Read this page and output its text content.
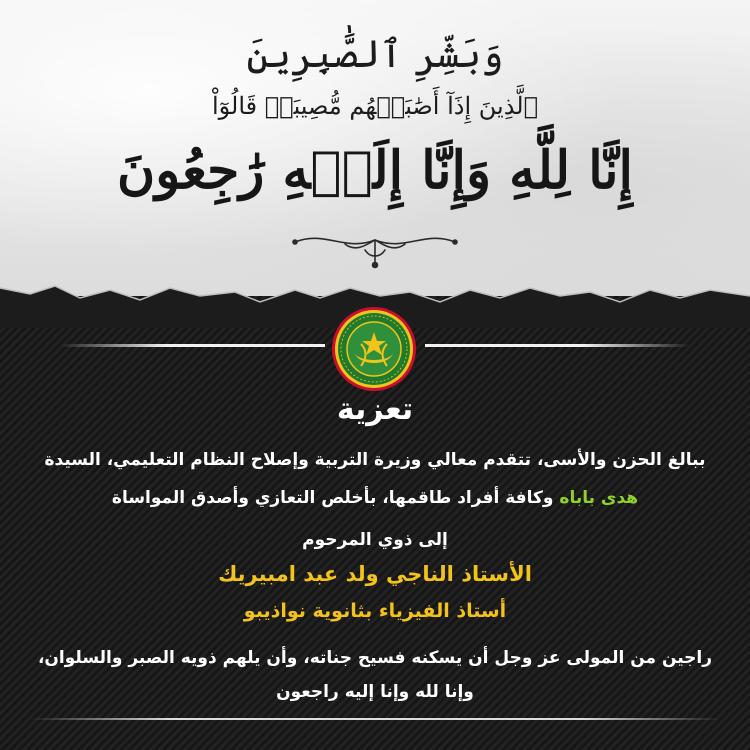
وَبَشِّرِ ٱلصَّٰبِرِينَ
ٱلَّذِينَ إِذَآ أَصَٰبَتۡهُم مُّصِيبَةٞ قَالُوٓاْ
إِنَّا لِلَّهِ وَإِنَّا إِلَيۡهِ رَٰجِعُونَ
تعزية
ببالغ الحزن والأسى، تتقدم معالي وزيرة التربية وإصلاح النظام التعليمي، السيدة
هدى باباه وكافة أفراد طاقمها، بأخلص التعازي وأصدق المواساة
إلى ذوي المرحوم
الأستاذ الناجي ولد عبد امبيريك
أستاذ الفيزياء بثانوية نواذيبو
راجين من المولى عز وجل أن يسكنه فسيح جناته، وأن يلهم ذويه الصبر والسلوان،
وإنا لله وإنا إليه راجعون
